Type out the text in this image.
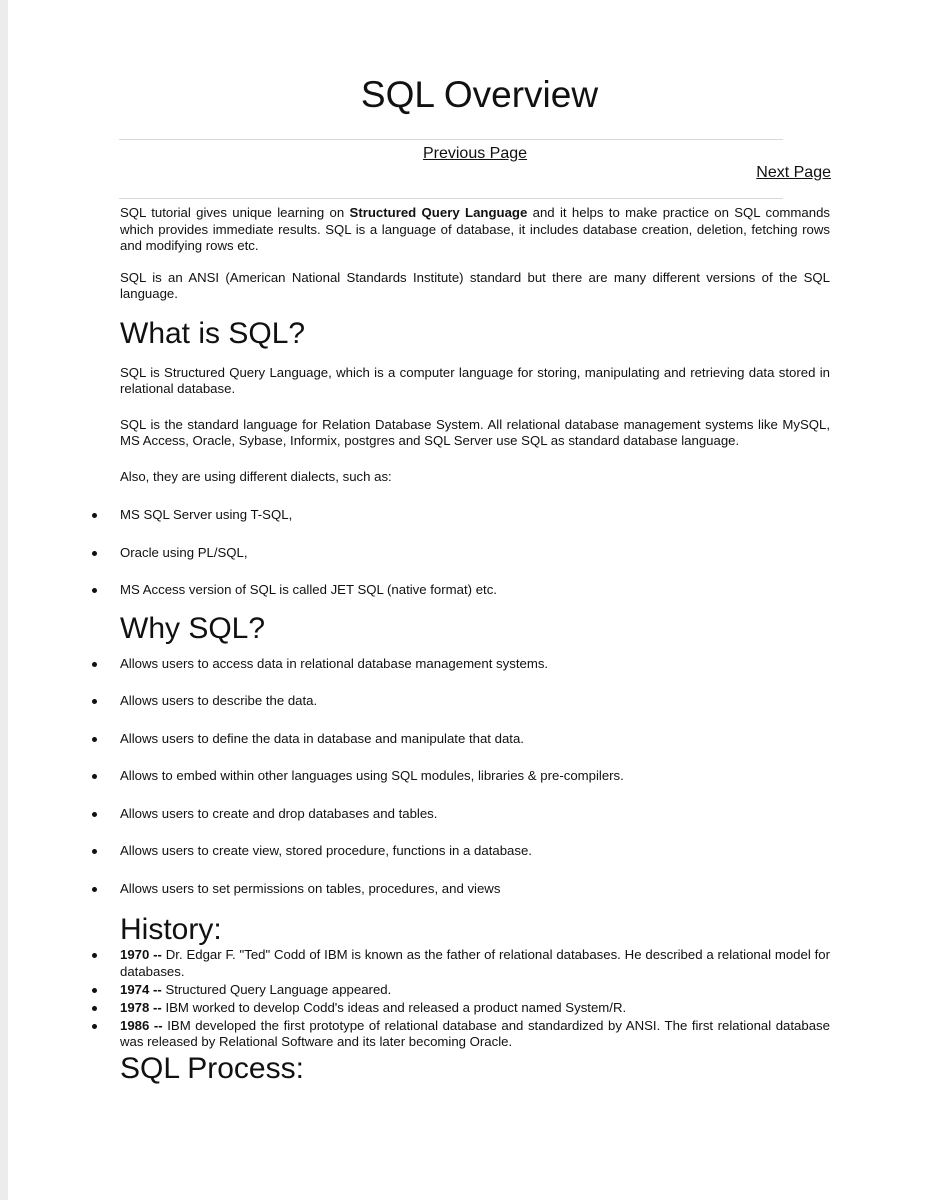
SQL Overview
Previous Page
Next Page

SQL tutorial gives unique learning on Structured Query Language and it helps to make practice on SQL commands which provides immediate results. SQL is a language of database, it includes database creation, deletion, fetching rows and modifying rows etc.

SQL is an ANSI (American National Standards Institute) standard but there are many different versions of the SQL language.

What is SQL?

SQL is Structured Query Language, which is a computer language for storing, manipulating and retrieving data stored in relational database.

SQL is the standard language for Relation Database System. All relational database management systems like MySQL, MS Access, Oracle, Sybase, Informix, postgres and SQL Server use SQL as standard database language.

Also, they are using different dialects, such as:

MS SQL Server using T-SQL,
Oracle using PL/SQL,
MS Access version of SQL is called JET SQL (native format) etc.
Why SQL?
Allows users to access data in relational database management systems.
Allows users to describe the data.
Allows users to define the data in database and manipulate that data.
Allows to embed within other languages using SQL modules, libraries & pre-compilers.
Allows users to create and drop databases and tables.
Allows users to create view, stored procedure, functions in a database.
Allows users to set permissions on tables, procedures, and views
History:
1970 -- Dr. Edgar F. "Ted" Codd of IBM is known as the father of relational databases. He described a relational model for databases.
1974 -- Structured Query Language appeared.
1978 -- IBM worked to develop Codd's ideas and released a product named System/R.
1986 -- IBM developed the first prototype of relational database and standardized by ANSI. The first relational database was released by Relational Software and its later becoming Oracle.
SQL Process:
